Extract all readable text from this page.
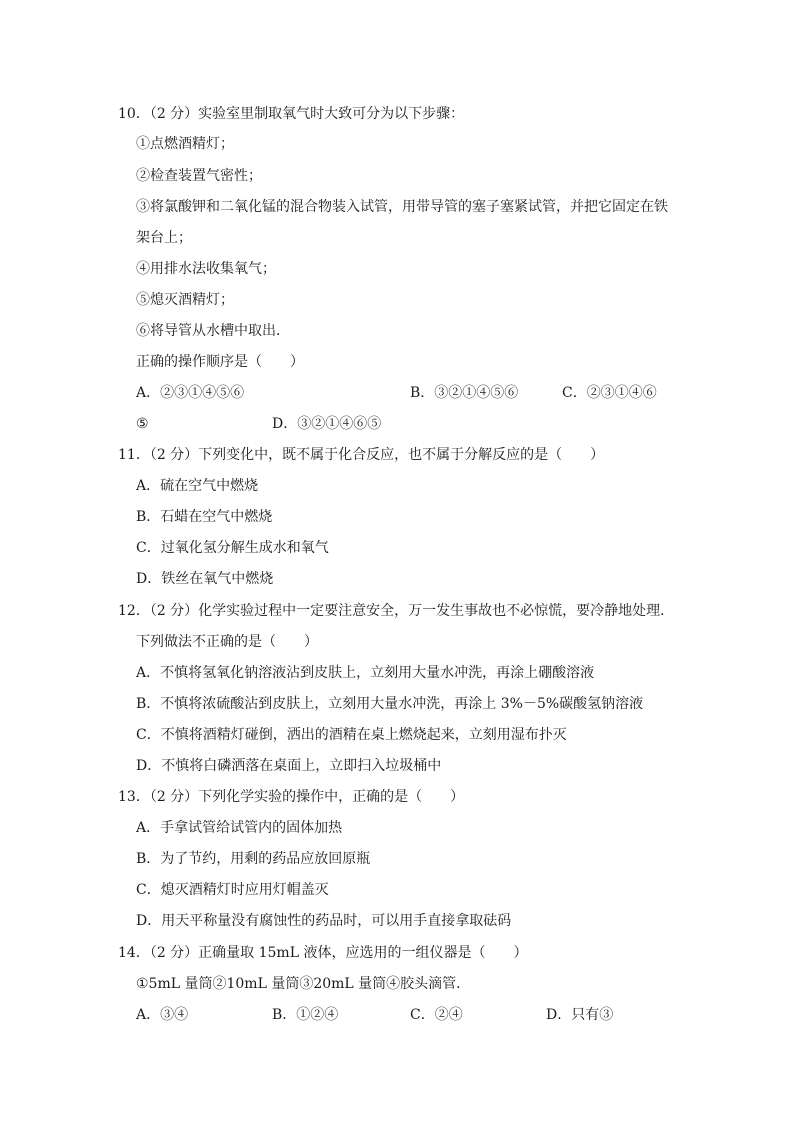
10．（2 分）实验室里制取氧气时大致可分为以下步骤：
①点燃酒精灯；
②检查装置气密性；
③将氯酸钾和二氧化锰的混合物装入试管，用带导管的塞子塞紧试管，并把它固定在铁
架台上；
④用排水法收集氧气；
⑤熄灭酒精灯；
⑥将导管从水槽中取出．
正确的操作顺序是（　　）
A．②③①④⑤⑥	B．③②①④⑤⑥	C．②③①④⑥
⑤	D．③②①④⑥⑤
11．（2 分）下列变化中，既不属于化合反应，也不属于分解反应的是（　　）
A．硫在空气中燃烧
B．石蜡在空气中燃烧
C．过氧化氢分解生成水和氧气
D．铁丝在氧气中燃烧
12．（2 分）化学实验过程中一定要注意安全，万一发生事故也不必惊慌，要冷静地处理．
下列做法不正确的是（　　）
A．不慎将氢氧化钠溶液沾到皮肤上，立刻用大量水冲洗，再涂上硼酸溶液
B．不慎将浓硫酸沾到皮肤上，立刻用大量水冲洗，再涂上 3%－5%碳酸氢钠溶液
C．不慎将酒精灯碰倒，洒出的酒精在桌上燃烧起来，立刻用湿布扑灭
D．不慎将白磷洒落在桌面上，立即扫入垃圾桶中
13．（2 分）下列化学实验的操作中，正确的是（　　）
A．手拿试管给试管内的固体加热
B．为了节约，用剩的药品应放回原瓶
C．熄灭酒精灯时应用灯帽盖灭
D．用天平称量没有腐蚀性的药品时，可以用手直接拿取砝码
14．（2 分）正确量取 15mL 液体，应选用的一组仪器是（　　）
①5mL 量筒②10mL 量筒③20mL 量筒④胶头滴管．
A．③④	B．①②④	C．②④	D．只有③
